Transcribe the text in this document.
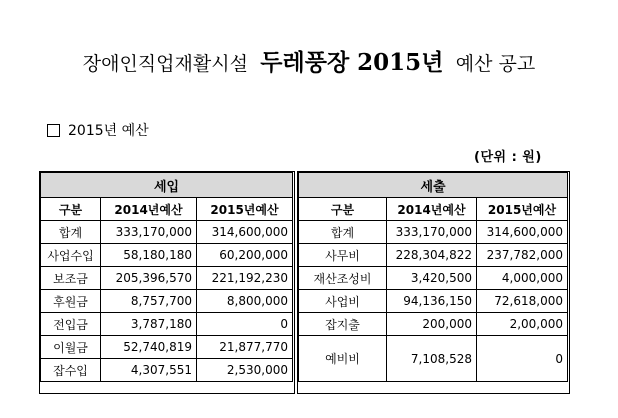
장애인직업재활시설 두레풍장 2015년 예산 공고
2015년 예산
(단위 : 원)
세입		
구분	2014년예산	2015년예산
합계	333,170,000	314,600,000
사업수입	58,180,180	60,200,000
보조금	205,396,570	221,192,230
후원금	8,757,700	8,800,000
전입금	3,787,180	0
이월금	52,740,819	21,877,770
잡수입	4,307,551	2,530,000
세출		
구분	2014년예산	2015년예산
합계	333,170,000	314,600,000
사무비	228,304,822	237,782,000
재산조성비	3,420,500	4,000,000
사업비	94,136,150	72,618,000
잡지출	200,000	2,00,000
예비비	7,108,528	0
